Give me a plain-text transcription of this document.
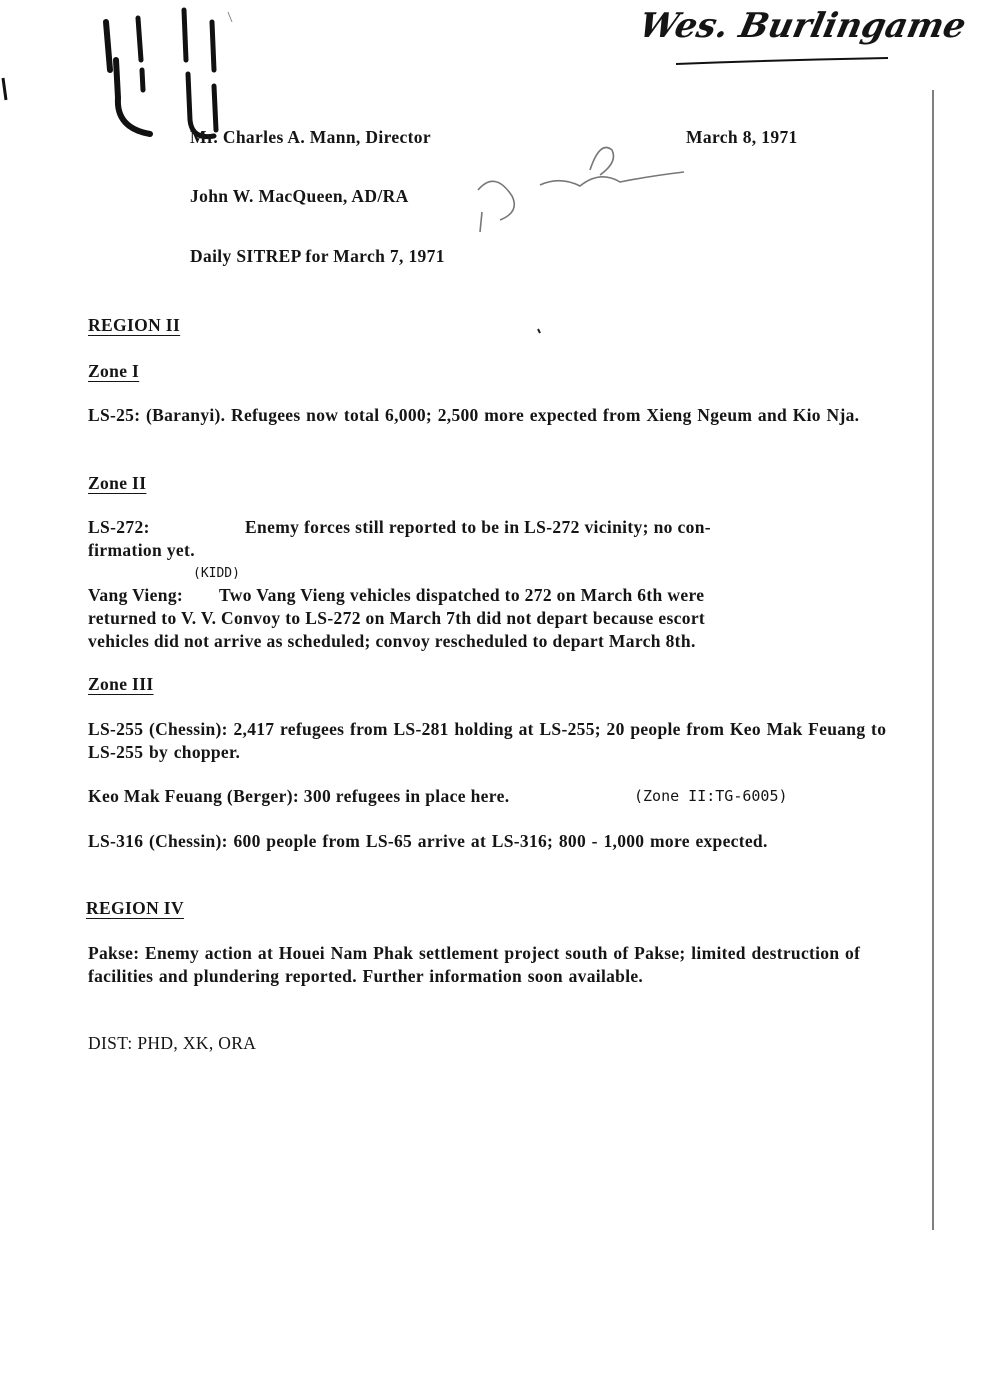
Wes. Burlingame
Mr. Charles A. Mann, Director	March 8, 1971
John W. MacQueen, AD/RA
Daily SITREP for March 7, 1971
REGION II
Zone I
LS-25: (Baranyi). Refugees now total 6,000; 2,500 more expected from Xieng Ngeum and Kio Nja.
Zone II
LS-272:	Enemy forces still reported to be in LS-272 vicinity; no con-
firmation yet.
(KIDD)
Vang Vieng: Two Vang Vieng vehicles dispatched to 272 on March 6th were
returned to V. V. Convoy to LS-272 on March 7th did not depart because escort
vehicles did not arrive as scheduled; convoy rescheduled to depart March 8th.
Zone III
LS-255 (Chessin): 2,417 refugees from LS-281 holding at LS-255; 20 people from Keo Mak Feuang to LS-255 by chopper.
Keo Mak Feuang (Berger): 300 refugees in place here.	(Zone II:TG-6005)
LS-316 (Chessin): 600 people from LS-65 arrive at LS-316; 800 - 1,000 more expected.
REGION IV
Pakse: Enemy action at Houei Nam Phak settlement project south of Pakse; limited destruction of facilities and plundering reported. Further information soon available.
DIST: PHD, XK, ORA
